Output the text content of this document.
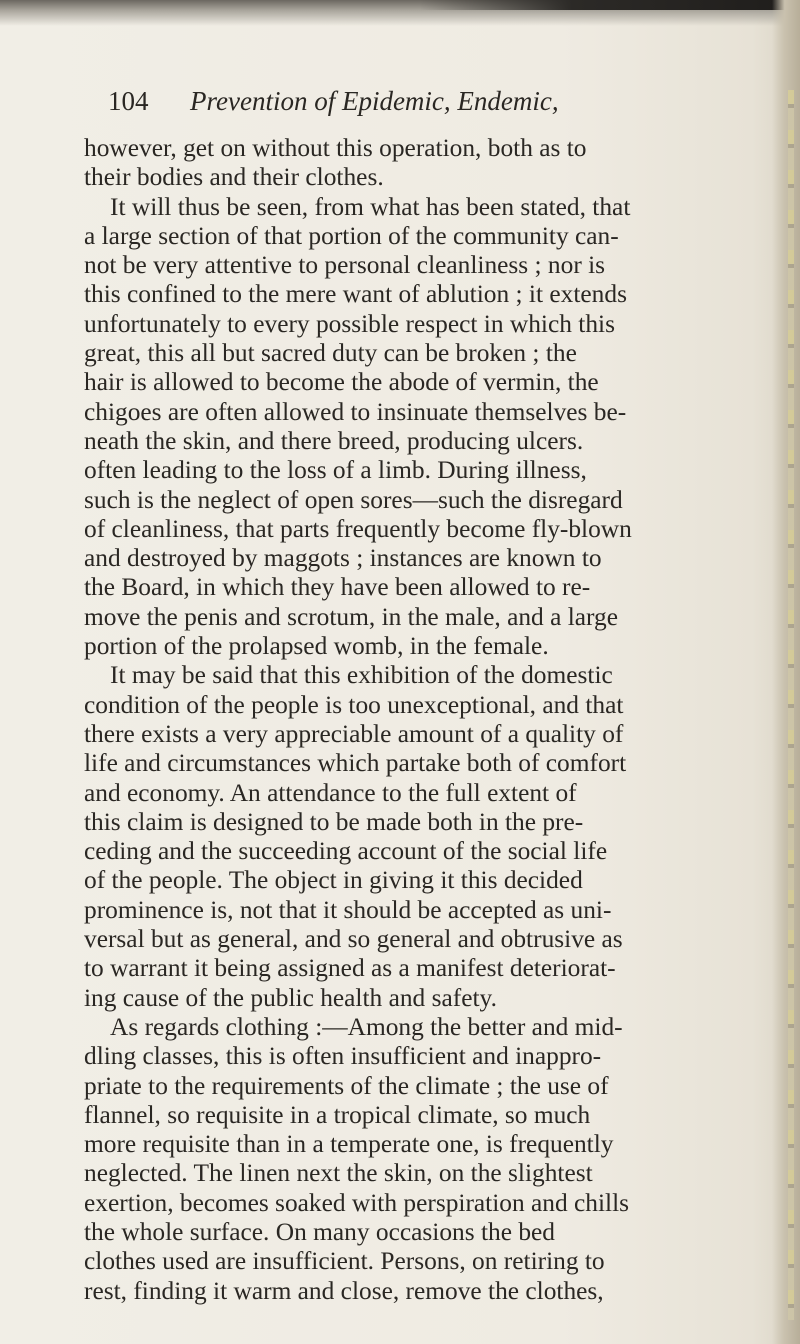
104 Prevention of Epidemic, Endemic,
however, get on without this operation, both as to
their bodies and their clothes.
It will thus be seen, from what has been stated, that
a large section of that portion of the community can-
not be very attentive to personal cleanliness ; nor is
this confined to the mere want of ablution ; it extends
unfortunately to every possible respect in which this
great, this all but sacred duty can be broken ; the
hair is allowed to become the abode of vermin, the
chigoes are often allowed to insinuate themselves be-
neath the skin, and there breed, producing ulcers.
often leading to the loss of a limb. During illness,
such is the neglect of open sores—such the disregard
of cleanliness, that parts frequently become fly-blown
and destroyed by maggots ; instances are known to
the Board, in which they have been allowed to re-
move the penis and scrotum, in the male, and a large
portion of the prolapsed womb, in the female.
It may be said that this exhibition of the domestic
condition of the people is too unexceptional, and that
there exists a very appreciable amount of a quality of
life and circumstances which partake both of comfort
and economy. An attendance to the full extent of
this claim is designed to be made both in the pre-
ceding and the succeeding account of the social life
of the people. The object in giving it this decided
prominence is, not that it should be accepted as uni-
versal but as general, and so general and obtrusive as
to warrant it being assigned as a manifest deteriorat-
ing cause of the public health and safety.
As regards clothing :—Among the better and mid-
dling classes, this is often insufficient and inappro-
priate to the requirements of the climate ; the use of
flannel, so requisite in a tropical climate, so much
more requisite than in a temperate one, is frequently
neglected. The linen next the skin, on the slightest
exertion, becomes soaked with perspiration and chills
the whole surface. On many occasions the bed
clothes used are insufficient. Persons, on retiring to
rest, finding it warm and close, remove the clothes,
